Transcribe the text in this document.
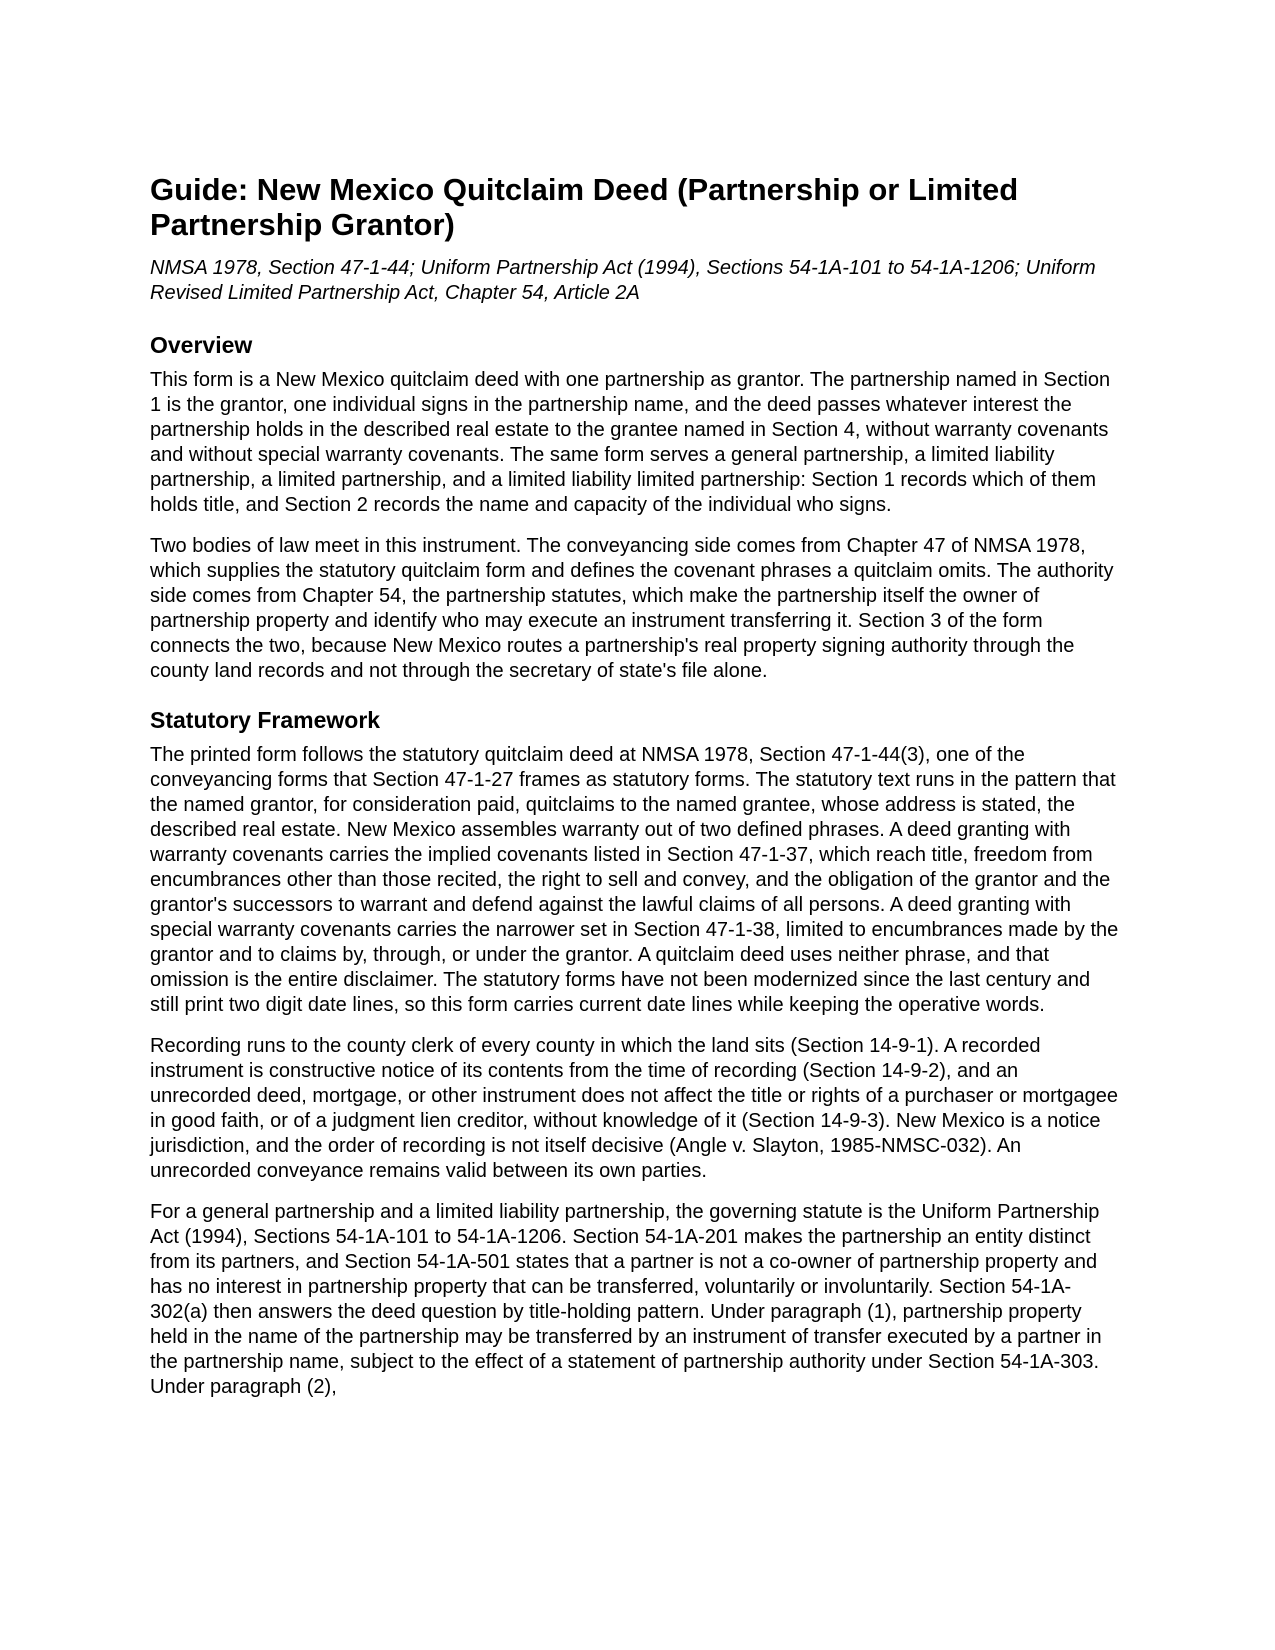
Guide: New Mexico Quitclaim Deed (Partnership or Limited Partnership Grantor)

NMSA 1978, Section 47-1-44; Uniform Partnership Act (1994), Sections 54-1A-101 to 54-1A-1206; Uniform Revised Limited Partnership Act, Chapter 54, Article 2A

Overview

This form is a New Mexico quitclaim deed with one partnership as grantor. The partnership named in Section 1 is the grantor, one individual signs in the partnership name, and the deed passes whatever interest the partnership holds in the described real estate to the grantee named in Section 4, without warranty covenants and without special warranty covenants. The same form serves a general partnership, a limited liability partnership, a limited partnership, and a limited liability limited partnership: Section 1 records which of them holds title, and Section 2 records the name and capacity of the individual who signs.

Two bodies of law meet in this instrument. The conveyancing side comes from Chapter 47 of NMSA 1978, which supplies the statutory quitclaim form and defines the covenant phrases a quitclaim omits. The authority side comes from Chapter 54, the partnership statutes, which make the partnership itself the owner of partnership property and identify who may execute an instrument transferring it. Section 3 of the form connects the two, because New Mexico routes a partnership's real property signing authority through the county land records and not through the secretary of state's file alone.

Statutory Framework

The printed form follows the statutory quitclaim deed at NMSA 1978, Section 47-1-44(3), one of the conveyancing forms that Section 47-1-27 frames as statutory forms. The statutory text runs in the pattern that the named grantor, for consideration paid, quitclaims to the named grantee, whose address is stated, the described real estate. New Mexico assembles warranty out of two defined phrases. A deed granting with warranty covenants carries the implied covenants listed in Section 47-1-37, which reach title, freedom from encumbrances other than those recited, the right to sell and convey, and the obligation of the grantor and the grantor's successors to warrant and defend against the lawful claims of all persons. A deed granting with special warranty covenants carries the narrower set in Section 47-1-38, limited to encumbrances made by the grantor and to claims by, through, or under the grantor. A quitclaim deed uses neither phrase, and that omission is the entire disclaimer. The statutory forms have not been modernized since the last century and still print two digit date lines, so this form carries current date lines while keeping the operative words.

Recording runs to the county clerk of every county in which the land sits (Section 14-9-1). A recorded instrument is constructive notice of its contents from the time of recording (Section 14-9-2), and an unrecorded deed, mortgage, or other instrument does not affect the title or rights of a purchaser or mortgagee in good faith, or of a judgment lien creditor, without knowledge of it (Section 14-9-3). New Mexico is a notice jurisdiction, and the order of recording is not itself decisive (Angle v. Slayton, 1985-NMSC-032). An unrecorded conveyance remains valid between its own parties.

For a general partnership and a limited liability partnership, the governing statute is the Uniform Partnership Act (1994), Sections 54-1A-101 to 54-1A-1206. Section 54-1A-201 makes the partnership an entity distinct from its partners, and Section 54-1A-501 states that a partner is not a co-owner of partnership property and has no interest in partnership property that can be transferred, voluntarily or involuntarily. Section 54-1A-302(a) then answers the deed question by title-holding pattern. Under paragraph (1), partnership property held in the name of the partnership may be transferred by an instrument of transfer executed by a partner in the partnership name, subject to the effect of a statement of partnership authority under Section 54-1A-303. Under paragraph (2),
